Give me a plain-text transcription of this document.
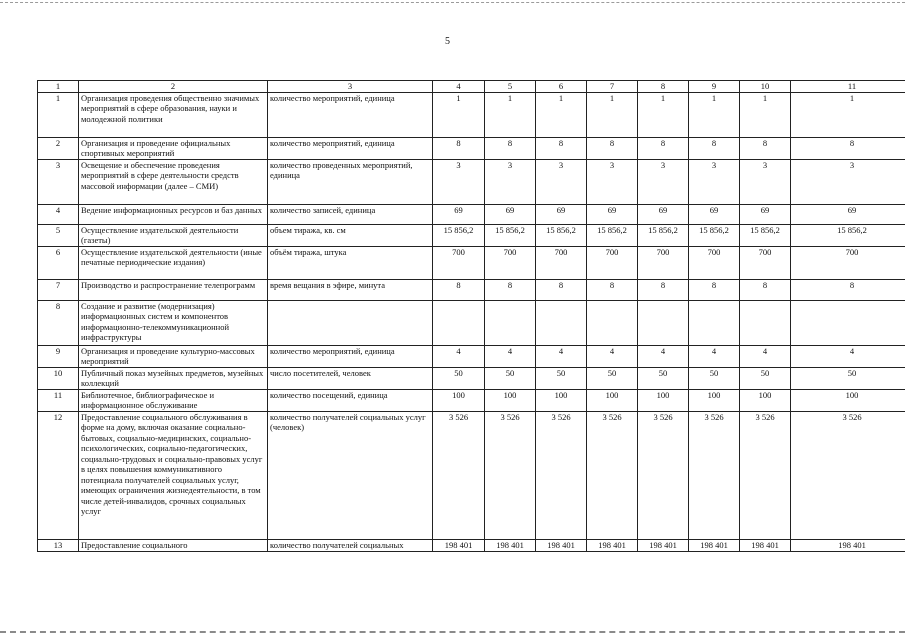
5
1	2	3	4	5	6	7	8	9	10	11
1	Организация проведения общественно значимых мероприятий в сфере образования, науки и молодежной политики	количество мероприятий, единица	1	1	1	1	1	1	1	1
2	Организация и проведение официальных спортивных мероприятий	количество мероприятий, единица	8	8	8	8	8	8	8	8
3	Освещение и обеспечение проведения мероприятий в сфере деятельности средств массовой информации (далее – СМИ)	количество проведенных мероприятий, единица	3	3	3	3	3	3	3	3
4	Ведение информационных ресурсов и баз данных	количество записей, единица	69	69	69	69	69	69	69	69
5	Осуществление издательской деятельности (газеты)	объем тиража, кв. см	15 856,2	15 856,2	15 856,2	15 856,2	15 856,2	15 856,2	15 856,2	15 856,2
6	Осуществление издательской деятельности (иные печатные периодические издания)	объём тиража, штука	700	700	700	700	700	700	700	700
7	Производство и распространение телепрограмм	время вещания в эфире, минута	8	8	8	8	8	8	8	8
8	Создание и развитие (модернизация) информационных систем и компонентов информационно-телекоммуникационной инфраструктуры									
9	Организация и проведение культурно-массовых мероприятий	количество мероприятий, единица	4	4	4	4	4	4	4	4
10	Публичный показ музейных предметов, музейных коллекций	число посетителей, человек	50	50	50	50	50	50	50	50
11	Библиотечное, библиографическое и информационное обслуживание	количество посещений, единица	100	100	100	100	100	100	100	100
12	Предоставление социального обслуживания в форме на дому, включая оказание социально-бытовых, социально-медицинских, социально-психологических, социально-педагогических, социально-трудовых и социально-правовых услуг в целях повышения коммуникативного потенциала получателей социальных услуг, имеющих ограничения жизнедеятельности, в том числе детей-инвалидов, срочных социальных услуг	количество получателей социальных услуг (человек)	3 526	3 526	3 526	3 526	3 526	3 526	3 526	3 526
13	Предоставление социального	количество получателей социальных	198 401	198 401	198 401	198 401	198 401	198 401	198 401	198 401
